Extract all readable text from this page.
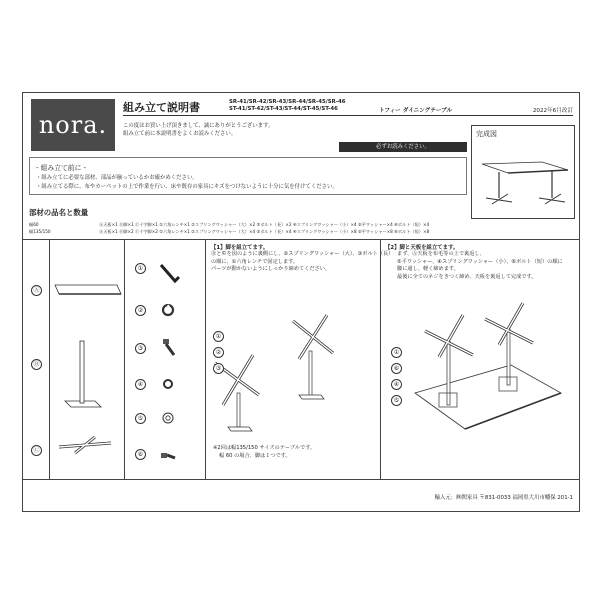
nora.
組み立て説明書	SR-41/SR-42/SR-43/SR-44/SR-45/SR-46
ST-41/ST-42/ST-43/ST-44/ST-45/ST-46	トフィー ダイニングテーブル	2022年6月改訂
この度はお買い上げ頂きまして、誠にありがとうございます。
組み立て前に本説明書をよくお読みください。
必ずお読みください。
完成図
- 組み立て前に -
・組み立てに必要な部材、部品が揃っているかお確かめください。
・組み立てる際に、布やカーペットの上で作業を行い、床や既存の家具にキズをつけないように十分に気を付けてください。
部材の品名と数量
幅60
幅135/150
Ⓐ天板×1 Ⓑ脚×1 Ⓒ十字脚×1 ①六角レンチ×1 ②スプリングワッシャー（大）×2 ③ボルト（長）×2 ④スプリングワッシャー（小）×4 ⑤平ワッシャー×4 ⑥ボルト（短）×4
Ⓐ天板×1 Ⓑ脚×2 Ⓒ十字脚×2 ①六角レンチ×1 ②スプリングワッシャー（大）×4 ③ボルト（長）×4 ④スプリングワッシャー（小）×8 ⑤平ワッシャー×8 ⑥ボルト（短）×8
Ⓐ
Ⓑ
Ⓒ
①
②
③
④
⑤
⑥
【1】脚を組立てます。
Ⓑと©を図のように裏側にし、②スプリングワッシャー（大）、③ボルト（長）
の順に、①六角レンチで固定します。
パーツが動かないようにしっかり締めてください。
①
②
③
※2回は幅135/150 サイズのテーブルです。
幅 60 の場合、脚は１つです。
【2】脚と天板を組立てます。
まず、Ⓐ天板を布毛等の上で裏返し、
⑤平ワッシャー、④スプリングワッシャー（小）、⑥ボルト（短）の順に
脚に通し、軽く締めます。
最後に全てのネジをきつく締め、天板を裏返して完成です。
①
⑥
④
⑤
輸入元：㈱関家具 〒831-0033 福岡県大川市幡保 201-1
